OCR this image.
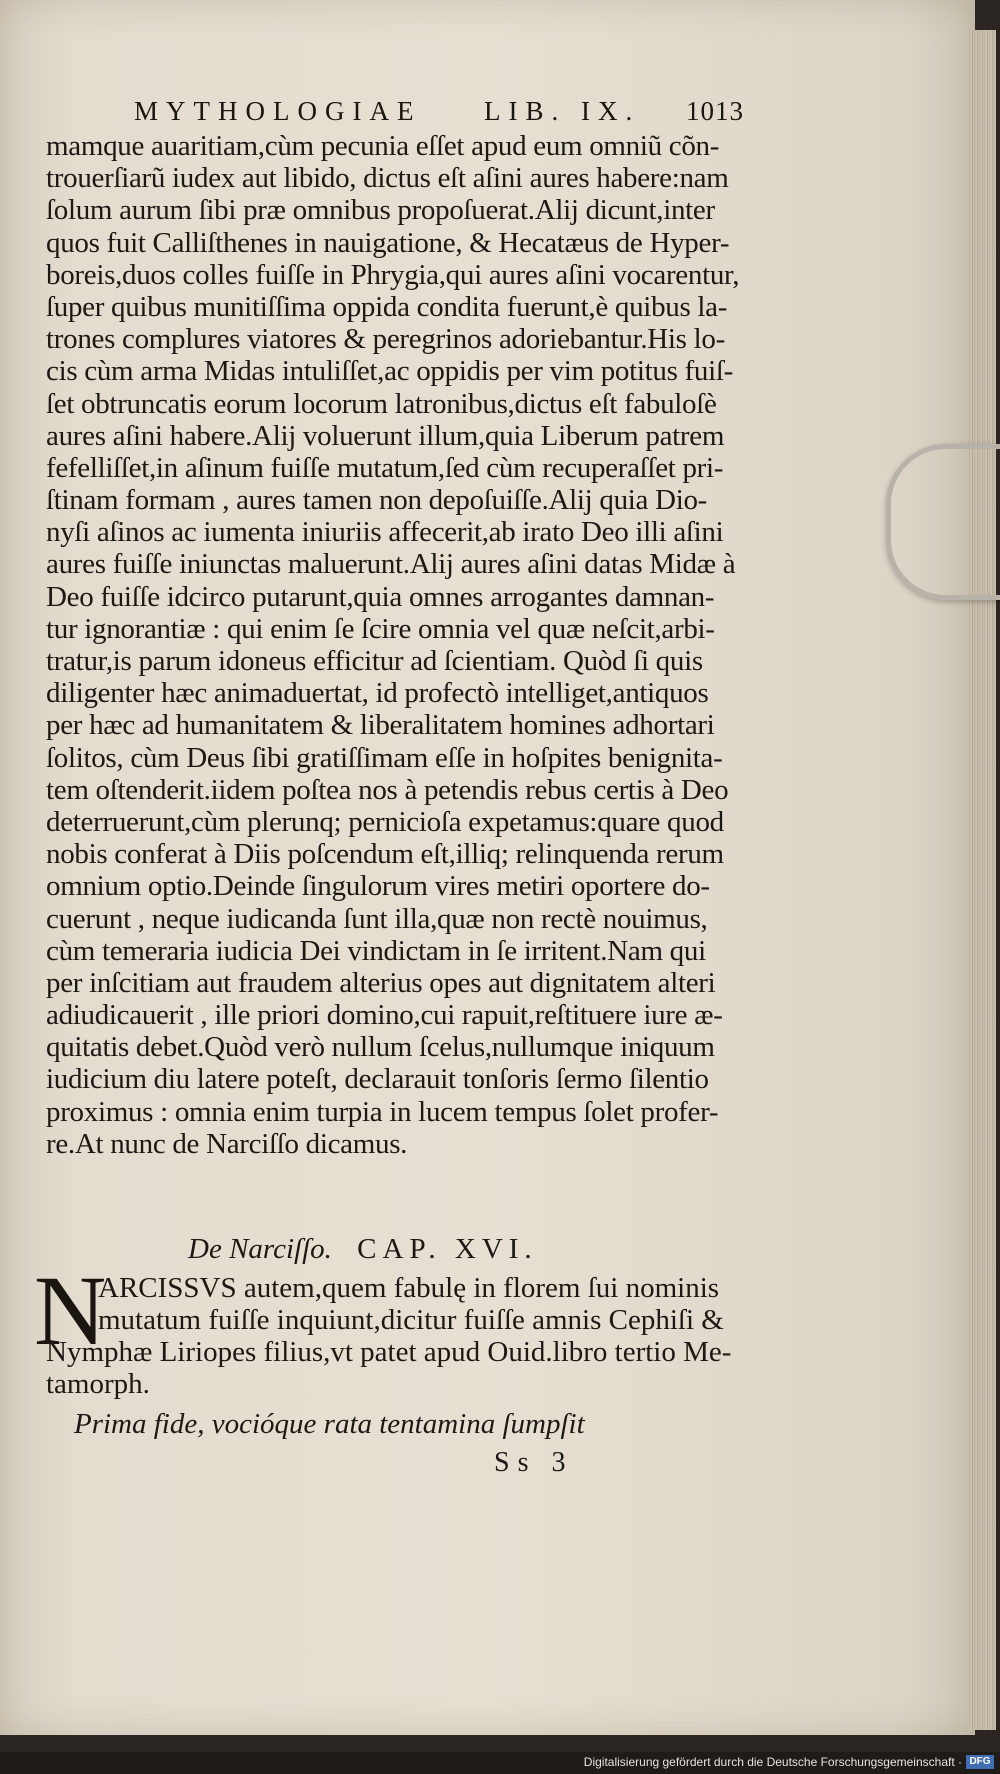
MYTHOLOGIAE LIB. IX. 1013
mamque auaritiam,cùm pecunia eſſet apud eum omniũ cõn-
trouerſiarũ iudex aut libido, dictus eſt aſini aures habere:nam
ſolum aurum ſibi præ omnibus propoſuerat.Alij dicunt,inter
quos fuit Calliſthenes in nauigatione, & Hecatæus de Hyper-
boreis,duos colles fuiſſe in Phrygia,qui aures aſini vocarentur,
ſuper quibus munitiſſima oppida condita fuerunt,è quibus la-
trones complures viatores & peregrinos adoriebantur.His lo-
cis cùm arma Midas intuliſſet,ac oppidis per vim potitus fuiſ-
ſet obtruncatis eorum locorum latronibus,dictus eſt fabuloſè
aures aſini habere.Alij voluerunt illum,quia Liberum patrem
fefelliſſet,in aſinum fuiſſe mutatum,ſed cùm recuperaſſet pri-
ſtinam formam , aures tamen non depoſuiſſe.Alij quia Dio-
nyſi aſinos ac iumenta iniuriis affecerit,ab irato Deo illi aſini
aures fuiſſe iniunctas maluerunt.Alij aures aſini datas Midæ à
Deo fuiſſe idcirco putarunt,quia omnes arrogantes damnan-
tur ignorantiæ : qui enim ſe ſcire omnia vel quæ neſcit,arbi-
tratur,is parum idoneus efficitur ad ſcientiam. Quòd ſi quis
diligenter hæc animaduertat, id profectò intelliget,antiquos
per hæc ad humanitatem & liberalitatem homines adhortari
ſolitos, cùm Deus ſibi gratiſſimam eſſe in hoſpites benignita-
tem oſtenderit.iidem poſtea nos à petendis rebus certis à Deo
deterruerunt,cùm plerunq; pernicioſa expetamus:quare quod
nobis conferat à Diis poſcendum eſt,illiq; relinquenda rerum
omnium optio.Deinde ſingulorum vires metiri oportere do-
cuerunt , neque iudicanda ſunt illa,quæ non rectè nouimus,
cùm temeraria iudicia Dei vindictam in ſe irritent.Nam qui
per inſcitiam aut fraudem alterius opes aut dignitatem alteri
adiudicauerit , ille priori domino,cui rapuit,reſtituere iure æ-
quitatis debet.Quòd verò nullum ſcelus,nullumque iniquum
iudicium diu latere poteſt, declarauit tonſoris ſermo ſilentio
proximus : omnia enim turpia in lucem tempus ſolet profer-
re.At nunc de Narciſſo dicamus.
De Narciſſo. CAP. XVI.
N
ARCISSVS autem,quem fabulę in florem ſui nominis
mutatum fuiſſe inquiunt,dicitur fuiſſe amnis Cephiſi &
Nymphæ Liriopes filius,vt patet apud Ouid.libro tertio Me-
tamorph.
Prima fide, vocióque rata tentamina ſumpſit
Ss 3
Digitalisierung gefördert durch die Deutsche Forschungsgemeinschaft · DFG
